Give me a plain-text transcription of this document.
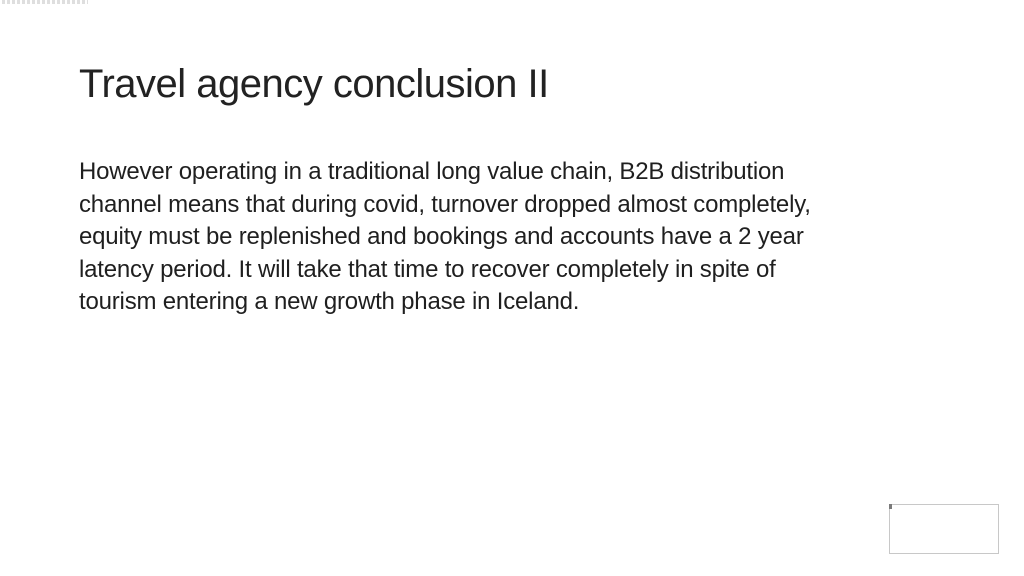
Travel agency conclusion II
However operating in a traditional long value chain, B2B distribution
channel means that during covid, turnover dropped almost completely,
equity must be replenished and bookings and accounts have a 2 year
latency period. It will take that time to recover completely in spite of
tourism entering a new growth phase in Iceland.
